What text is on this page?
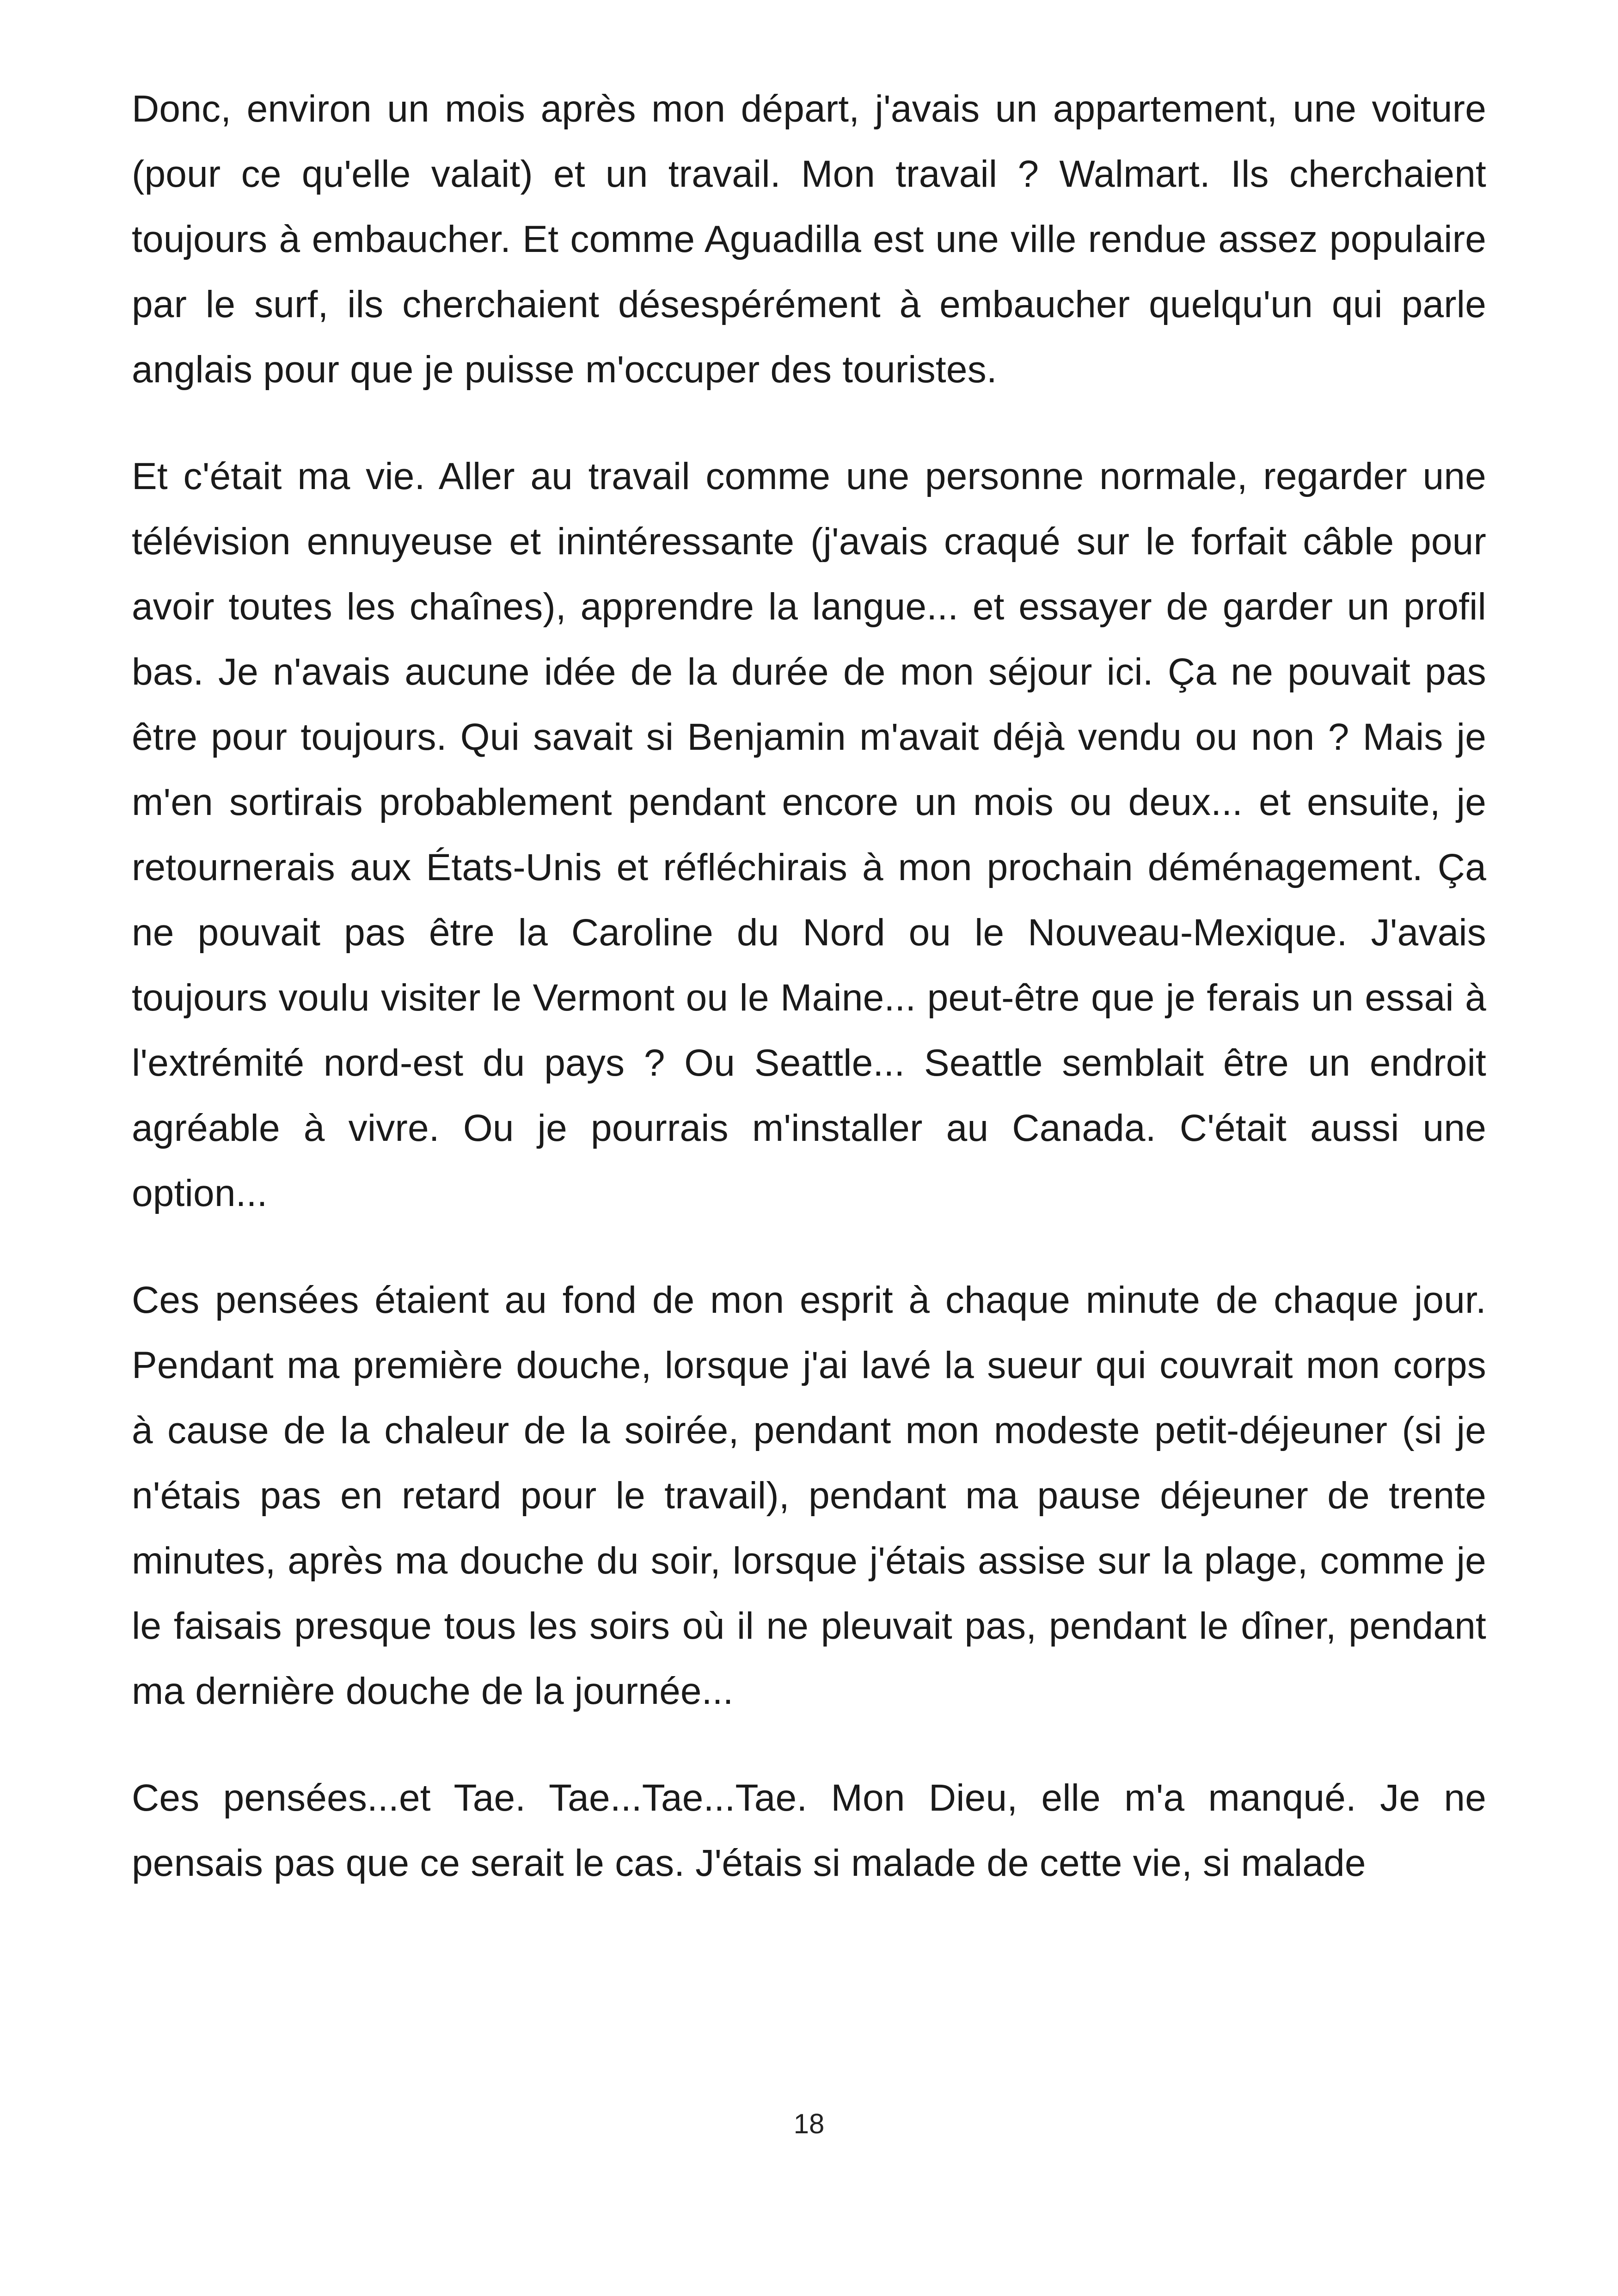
Donc, environ un mois après mon départ, j'avais un appartement, une voiture (pour ce qu'elle valait) et un travail. Mon travail ? Walmart. Ils cherchaient toujours à embaucher. Et comme Aguadilla est une ville rendue assez populaire par le surf, ils cherchaient désespérément à embaucher quelqu'un qui parle anglais pour que je puisse m'occuper des touristes.

Et c'était ma vie. Aller au travail comme une personne normale, regarder une télévision ennuyeuse et inintéressante (j'avais craqué sur le forfait câble pour avoir toutes les chaînes), apprendre la langue... et essayer de garder un profil bas. Je n'avais aucune idée de la durée de mon séjour ici. Ça ne pouvait pas être pour toujours. Qui savait si Benjamin m'avait déjà vendu ou non ? Mais je m'en sortirais probablement pendant encore un mois ou deux... et ensuite, je retournerais aux États-Unis et réfléchirais à mon prochain déménagement. Ça ne pouvait pas être la Caroline du Nord ou le Nouveau-Mexique. J'avais toujours voulu visiter le Vermont ou le Maine... peut-être que je ferais un essai à l'extrémité nord-est du pays ? Ou Seattle... Seattle semblait être un endroit agréable à vivre. Ou je pourrais m'installer au Canada. C'était aussi une option...

Ces pensées étaient au fond de mon esprit à chaque minute de chaque jour. Pendant ma première douche, lorsque j'ai lavé la sueur qui couvrait mon corps à cause de la chaleur de la soirée, pendant mon modeste petit-déjeuner (si je n'étais pas en retard pour le travail), pendant ma pause déjeuner de trente minutes, après ma douche du soir, lorsque j'étais assise sur la plage, comme je le faisais presque tous les soirs où il ne pleuvait pas, pendant le dîner, pendant ma dernière douche de la journée...

Ces pensées...et Tae. Tae...Tae...Tae. Mon Dieu, elle m'a manqué. Je ne pensais pas que ce serait le cas. J'étais si malade de cette vie, si malade

18
